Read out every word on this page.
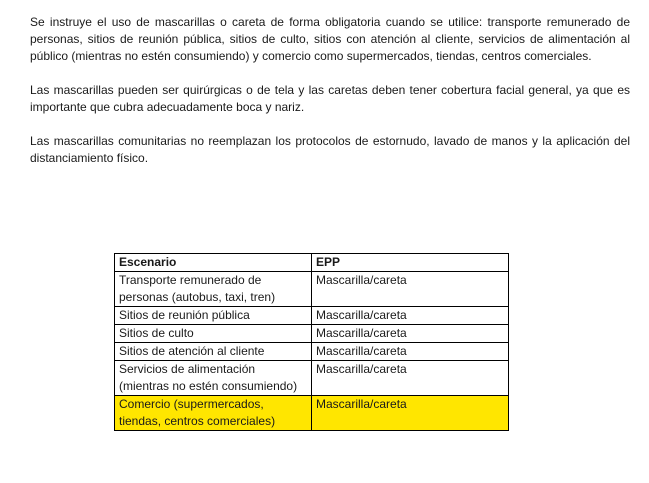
Se instruye el uso de mascarillas o careta de forma obligatoria cuando se utilice: transporte remunerado de personas, sitios de reunión pública, sitios de culto, sitios con atención al cliente, servicios de alimentación al público (mientras no estén consumiendo) y comercio como supermercados, tiendas, centros comerciales.

Las mascarillas pueden ser quirúrgicas o de tela y las caretas deben tener cobertura facial general, ya que es importante que cubra adecuadamente boca y nariz.

Las mascarillas comunitarias no reemplazan los protocolos de estornudo, lavado de manos y la aplicación del distanciamiento físico.

Escenario	EPP
Transporte remunerado de personas (autobus, taxi, tren)	Mascarilla/careta
Sitios de reunión pública	Mascarilla/careta
Sitios de culto	Mascarilla/careta
Sitios de atención al cliente	Mascarilla/careta
Servicios de alimentación (mientras no estén consumiendo)	Mascarilla/careta
Comercio (supermercados, tiendas, centros comerciales)	Mascarilla/careta
